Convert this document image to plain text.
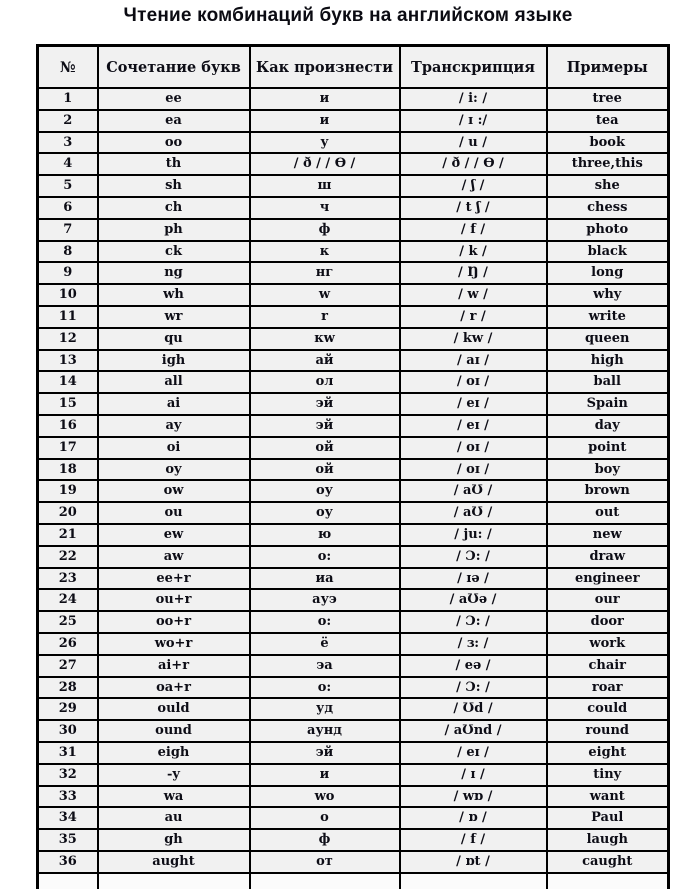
Чтение комбинаций букв на английском языке
№	Сочетание букв	Как произнести	Транскрипция	Примеры
1	ee	и	/ i: /	tree
2	ea	и	/ ɪ :/	tea
3	oo	у	/ u /	book
4	th	/ ð / / Ѳ /	/ ð / / Ѳ /	three,this
5	sh	ш	/ ʃ /	she
6	ch	ч	/ t ʃ /	chess
7	ph	ф	/ f /	photo
8	ck	к	/ k /	black
9	ng	нг	/ Ŋ /	long
10	wh	w	/ w /	why
11	wr	r	/ r /	write
12	qu	кw	/ kw /	queen
13	igh	ай	/ aɪ /	high
14	all	ол	/ oɪ /	ball
15	ai	эй	/ eɪ /	Spain
16	ay	эй	/ eɪ /	day
17	oi	ой	/ oɪ /	point
18	oy	ой	/ oɪ /	boy
19	ow	оу	/ aƱ /	brown
20	ou	оу	/ aƱ /	out
21	ew	ю	/ ju: /	new
22	aw	о:	/ Ɔ: /	draw
23	ee+r	иа	/ ɪə /	engineer
24	ou+r	ауэ	/ aƱə /	our
25	oo+r	о:	/ Ɔ: /	door
26	wo+r	ё	/ ɜ: /	work
27	ai+r	эа	/ eə /	chair
28	oa+r	о:	/ Ɔ: /	roar
29	ould	уд	/ Ʊd /	could
30	ound	аунд	/ aƱnd /	round
31	eigh	эй	/ eɪ /	eight
32	-y	и	/ ɪ /	tiny
33	wa	wo	/ wɒ /	want
34	au	о	/ ɒ /	Paul
35	gh	ф	/ f /	laugh
36	aught	от	/ ɒt /	caught
